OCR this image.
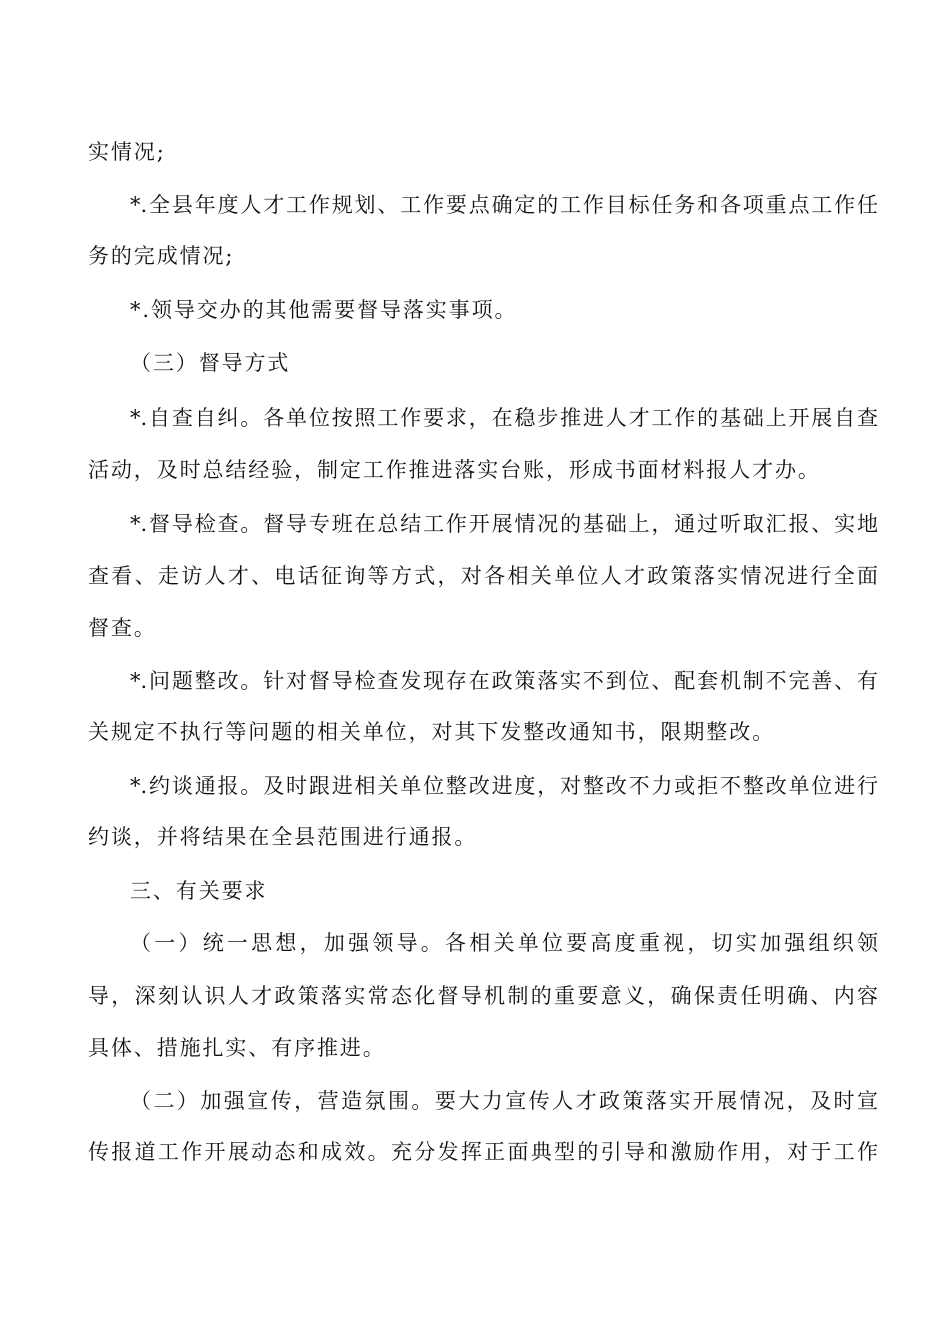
实情况;
*.全县年度人才工作规划、工作要点确定的工作目标任务和各项重点工作任
务的完成情况;
*.领导交办的其他需要督导落实事项。
（三）督导方式
*.自查自纠。各单位按照工作要求，在稳步推进人才工作的基础上开展自查
活动，及时总结经验，制定工作推进落实台账，形成书面材料报人才办。
*.督导检查。督导专班在总结工作开展情况的基础上，通过听取汇报、实地
查看、走访人才、电话征询等方式，对各相关单位人才政策落实情况进行全面
督查。
*.问题整改。针对督导检查发现存在政策落实不到位、配套机制不完善、有
关规定不执行等问题的相关单位，对其下发整改通知书，限期整改。
*.约谈通报。及时跟进相关单位整改进度，对整改不力或拒不整改单位进行
约谈，并将结果在全县范围进行通报。
三、有关要求
（一）统一思想，加强领导。各相关单位要高度重视，切实加强组织领
导，深刻认识人才政策落实常态化督导机制的重要意义，确保责任明确、内容
具体、措施扎实、有序推进。
（二）加强宣传，营造氛围。要大力宣传人才政策落实开展情况，及时宣
传报道工作开展动态和成效。充分发挥正面典型的引导和激励作用，对于工作
